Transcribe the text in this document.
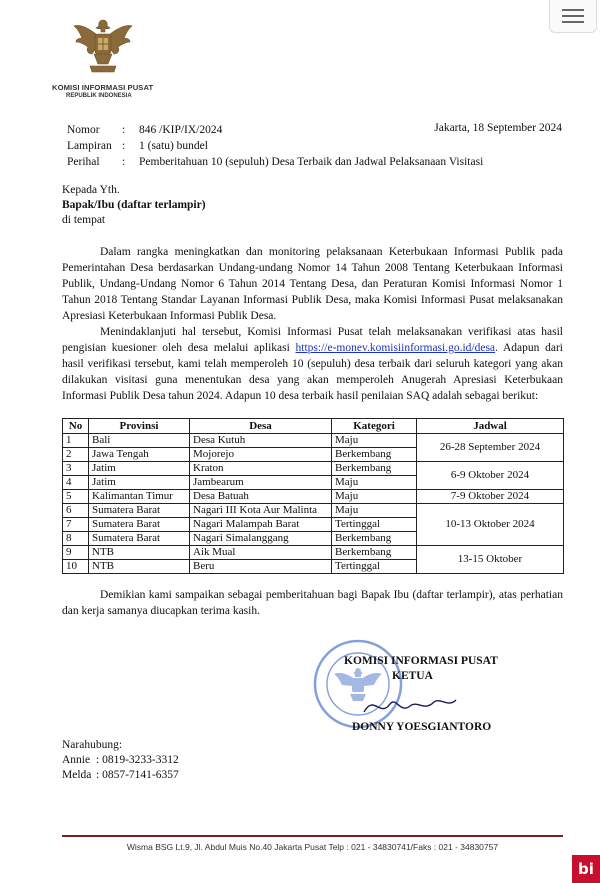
KOMISI INFORMASI PUSAT
REPUBLIK INDONESIA
Nomor	:	846 /KIP/IX/2024
Lampiran :	1 (satu) bundel
Perihal	:	Pemberitahuan 10 (sepuluh) Desa Terbaik dan Jadwal Pelaksanaan Visitasi
Jakarta, 18 September 2024
Kepada Yth.
Bapak/Ibu (daftar terlampir)
di tempat
Dalam rangka meningkatkan dan monitoring pelaksanaan Keterbukaan Informasi Publik pada Pemerintahan Desa berdasarkan Undang-undang Nomor 14 Tahun 2008 Tentang Keterbukaan Informasi Publik, Undang-Undang Nomor 6 Tahun 2014 Tentang Desa, dan Peraturan Komisi Informasi Nomor 1 Tahun 2018 Tentang Standar Layanan Informasi Publik Desa, maka Komisi Informasi Pusat melaksanakan Apresiasi Keterbukaan Informasi Publik Desa.
Menindaklanjuti hal tersebut, Komisi Informasi Pusat telah melaksanakan verifikasi atas hasil pengisian kuesioner oleh desa melalui aplikasi https://e-monev.komisiinformasi.go.id/desa. Adapun dari hasil verifikasi tersebut, kami telah memperoleh 10 (sepuluh) desa terbaik dari seluruh kategori yang akan dilakukan visitasi guna menentukan desa yang akan memperoleh Anugerah Apresiasi Keterbukaan Informasi Publik Desa tahun 2024. Adapun 10 desa terbaik hasil penilaian SAQ adalah sebagai berikut:
No	Provinsi	Desa	Kategori	Jadwal
1	Bali	Desa Kutuh	Maju	26-28 September 2024
2	Jawa Tengah	Mojorejo	Berkembang	
3	Jatim	Kraton	Berkembang	6-9 Oktober 2024
4	Jatim	Jambearum	Maju	
5	Kalimantan Timur	Desa Batuah	Maju	7-9 Oktober 2024
6	Sumatera Barat	Nagari III Kota Aur Malinta	Maju	10-13 Oktober 2024
7	Sumatera Barat	Nagari Malampah Barat	Tertinggal	
8	Sumatera Barat	Nagari Simalanggang	Berkembang	
9	NTB	Aik Mual	Berkembang	13-15 Oktober
10	NTB	Beru	Tertinggal	
Demikian kami sampaikan sebagai pemberitahuan bagi Bapak Ibu (daftar terlampir), atas perhatian dan kerja samanya diucapkan terima kasih.
KOMISI INFORMASI PUSAT
KETUA
DONNY YOESGIANTORO
Narahubung:
Annie : 0819-3233-3312
Melda : 0857-7141-6357
Wisma BSG Lt.9, Jl. Abdul Muis No.40 Jakarta Pusat Telp : 021 - 34830741/Faks : 021 - 34830757
bi
